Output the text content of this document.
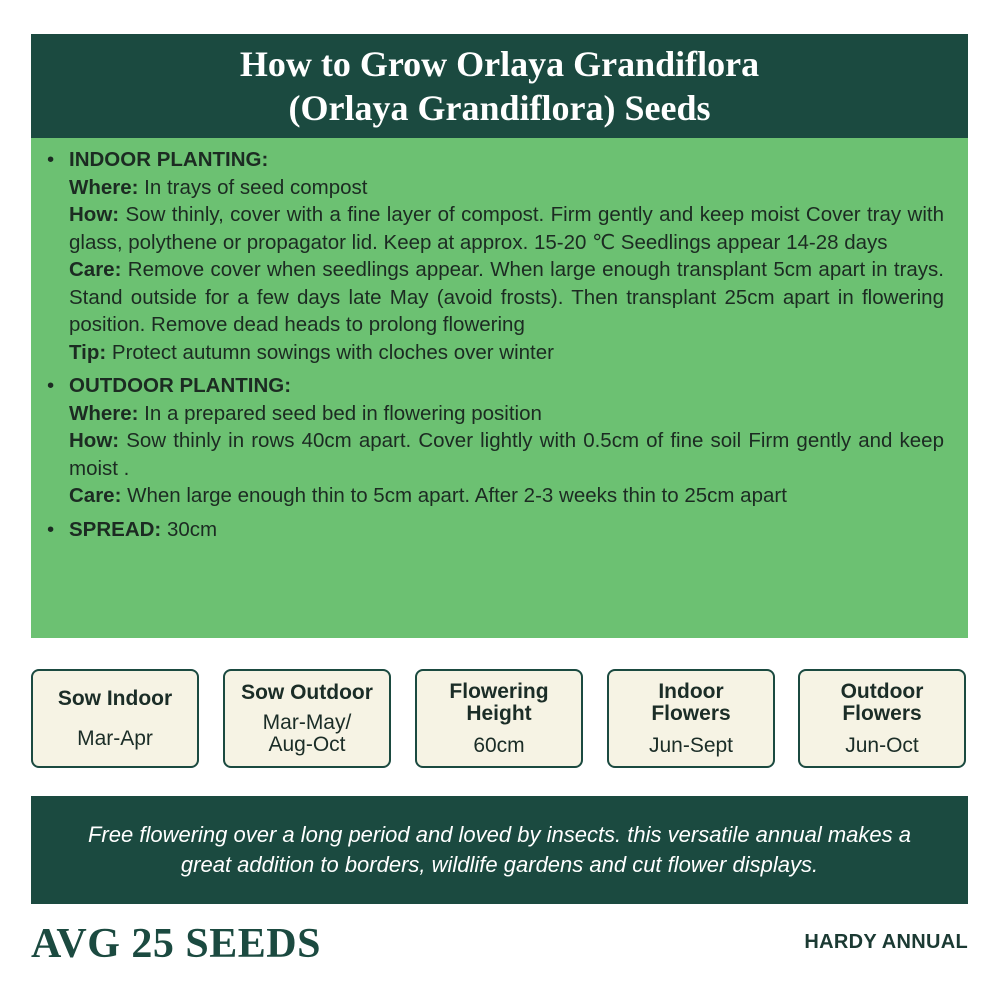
How to Grow Orlaya Grandiflora
(Orlaya Grandiflora) Seeds
• INDOOR PLANTING:
Where: In trays of seed compost
How: Sow thinly, cover with a fine layer of compost. Firm gently and keep moist Cover tray with glass, polythene or propagator lid. Keep at approx. 15-20 ℃ Seedlings appear 14-28 days
Care: Remove cover when seedlings appear. When large enough transplant 5cm apart in trays. Stand outside for a few days late May (avoid frosts). Then transplant 25cm apart in flowering position. Remove dead heads to prolong flowering
Tip: Protect autumn sowings with cloches over winter
• OUTDOOR PLANTING:
Where: In a prepared seed bed in flowering position
How: Sow thinly in rows 40cm apart. Cover lightly with 0.5cm of fine soil Firm gently and keep moist .
Care: When large enough thin to 5cm apart. After 2-3 weeks thin to 25cm apart
• SPREAD: 30cm
Sow Indoor
Mar-Apr
Sow Outdoor
Mar-May/ Aug-Oct
Flowering Height
60cm
Indoor Flowers
Jun-Sept
Outdoor Flowers
Jun-Oct
Free flowering over a long period and loved by insects. this versatile annual makes a great addition to borders, wildlife gardens and cut flower displays.
AVG 25 SEEDS	HARDY ANNUAL
